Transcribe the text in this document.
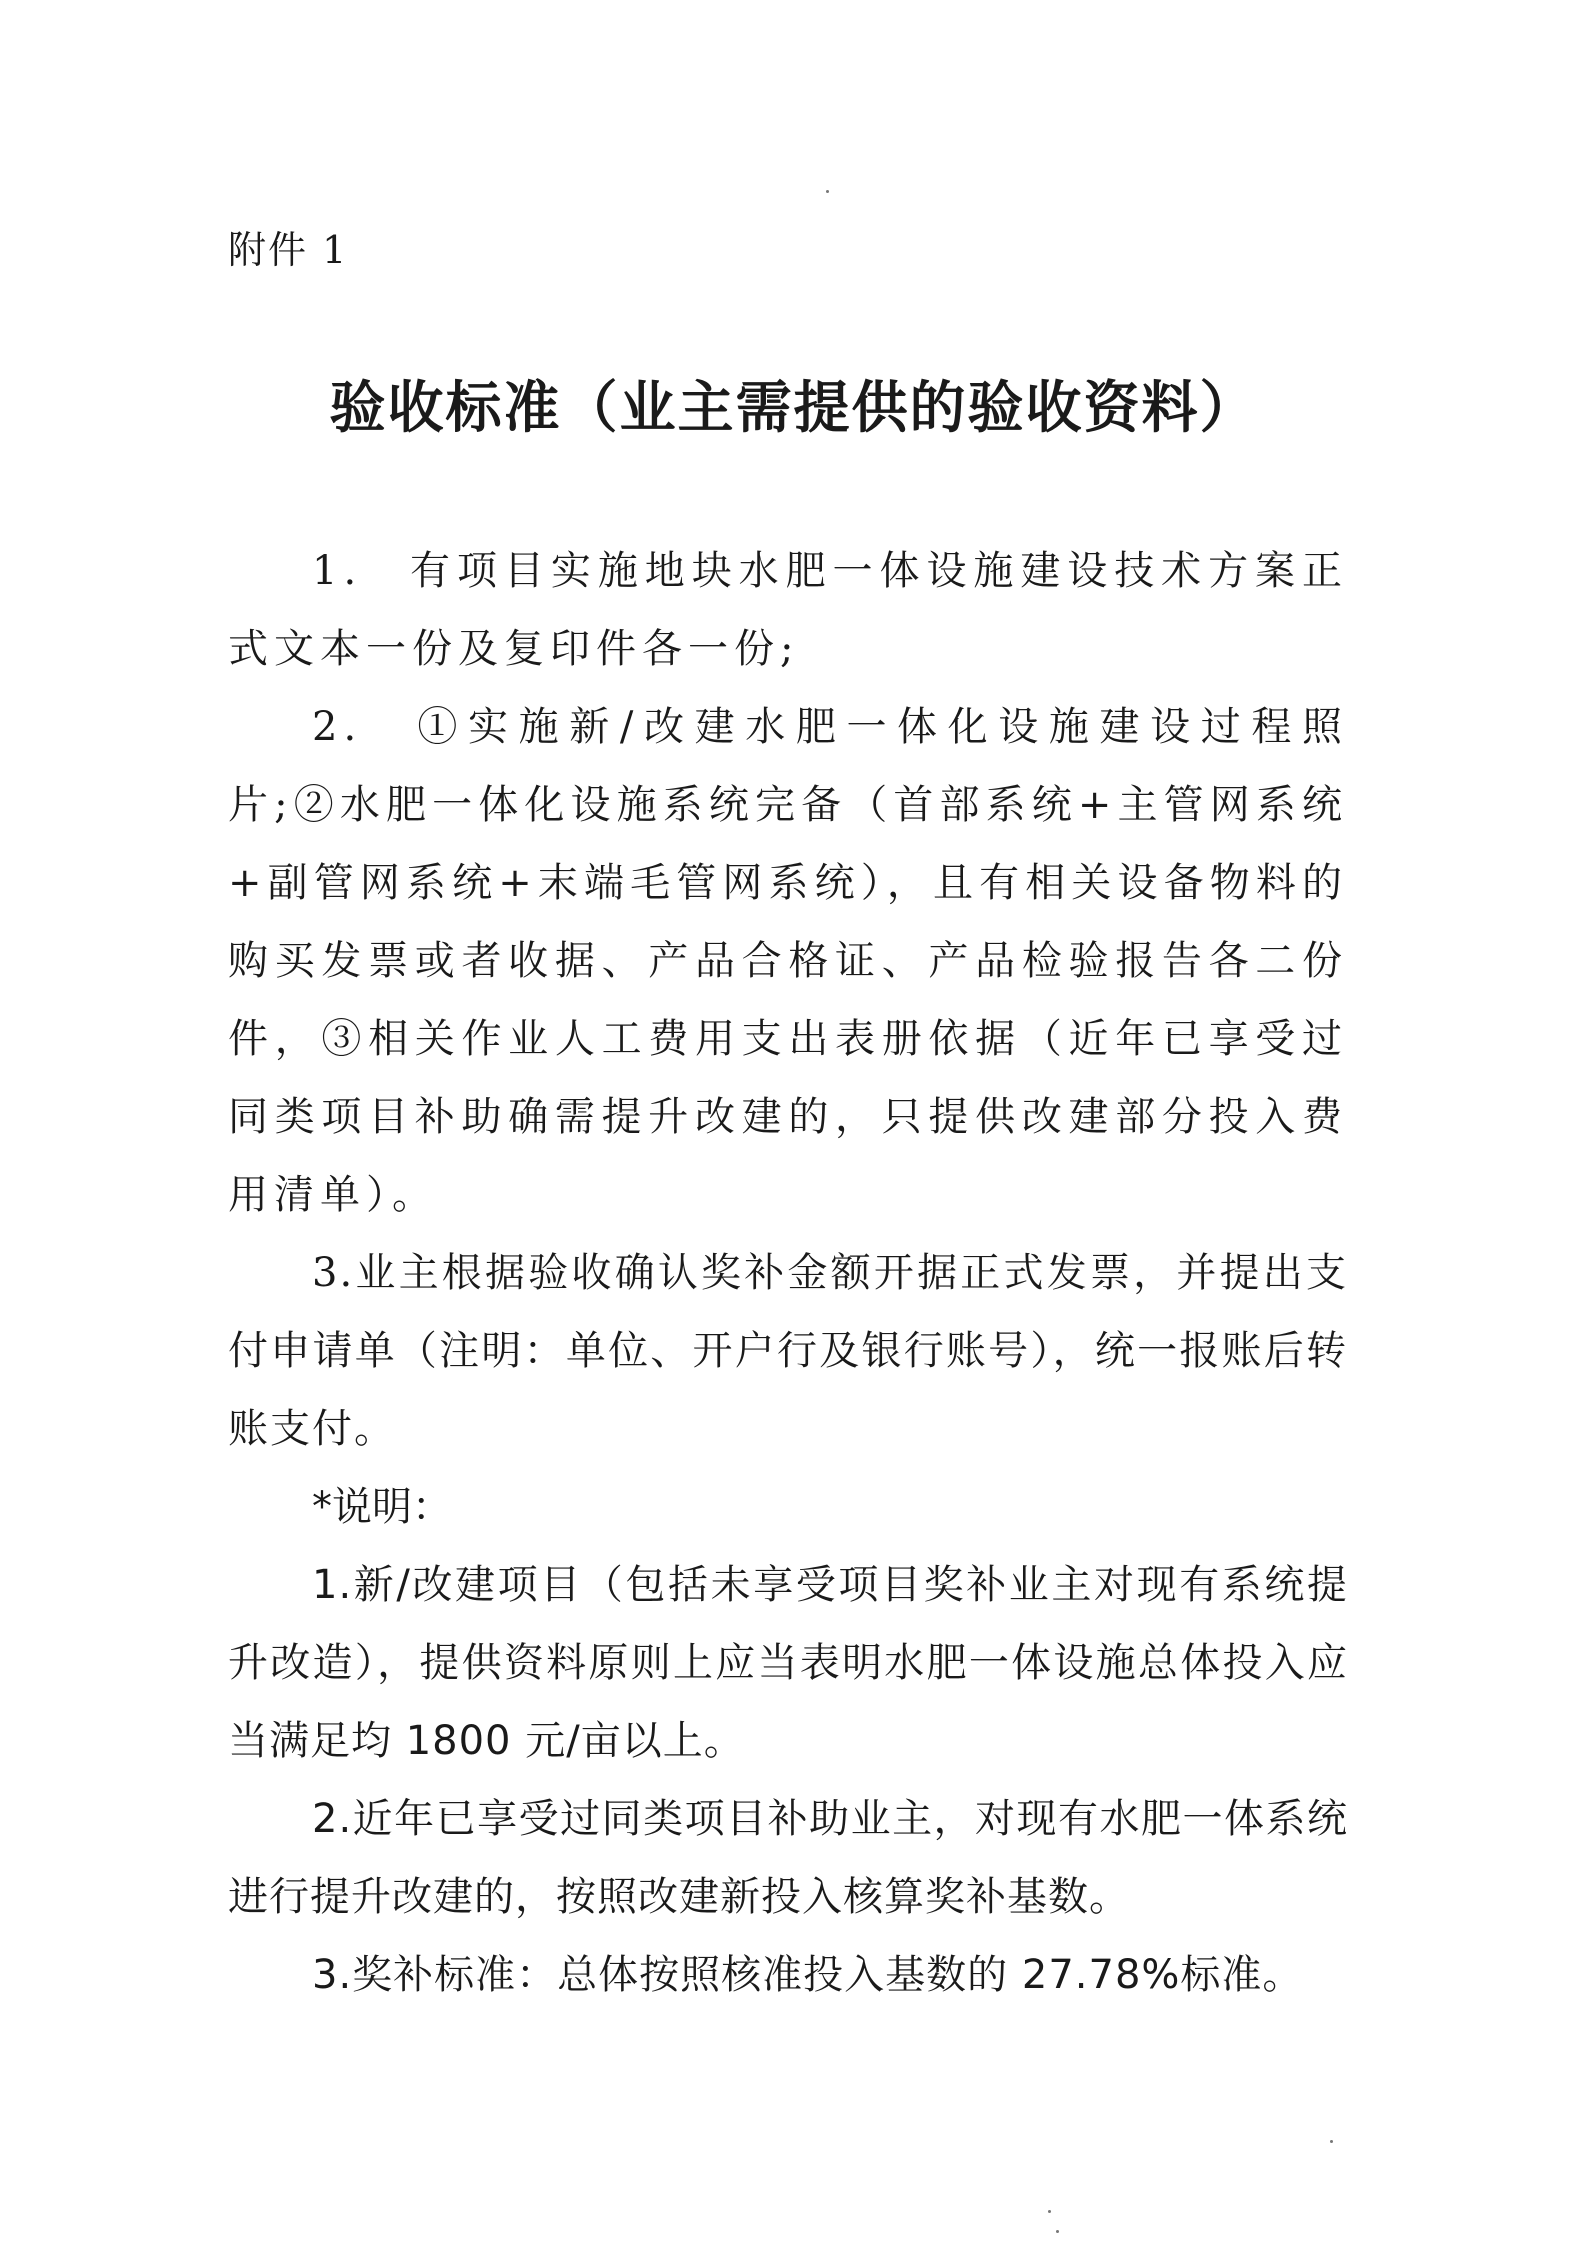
附件 1
验收标准（业主需提供的验收资料）

1.　有项目实施地块水肥一体设施建设技术方案正式文本一份及复印件各一份;

2.　①实施新/改建水肥一体化设施建设过程照片;②水肥一体化设施系统完备（首部系统+主管网系统+副管网系统+末端毛管网系统），且有相关设备物料的购买发票或者收据、产品合格证、产品检验报告各二份件，③相关作业人工费用支出表册依据（近年已享受过同类项目补助确需提升改建的，只提供改建部分投入费用清单）。

3.业主根据验收确认奖补金额开据正式发票，并提出支付申请单（注明：单位、开户行及银行账号），统一报账后转账支付。

*说明：

1.新/改建项目（包括未享受项目奖补业主对现有系统提升改造），提供资料原则上应当表明水肥一体设施总体投入应当满足均 1800 元/亩以上。

2.近年已享受过同类项目补助业主，对现有水肥一体系统进行提升改建的，按照改建新投入核算奖补基数。

3.奖补标准：总体按照核准投入基数的 27.78%标准。
